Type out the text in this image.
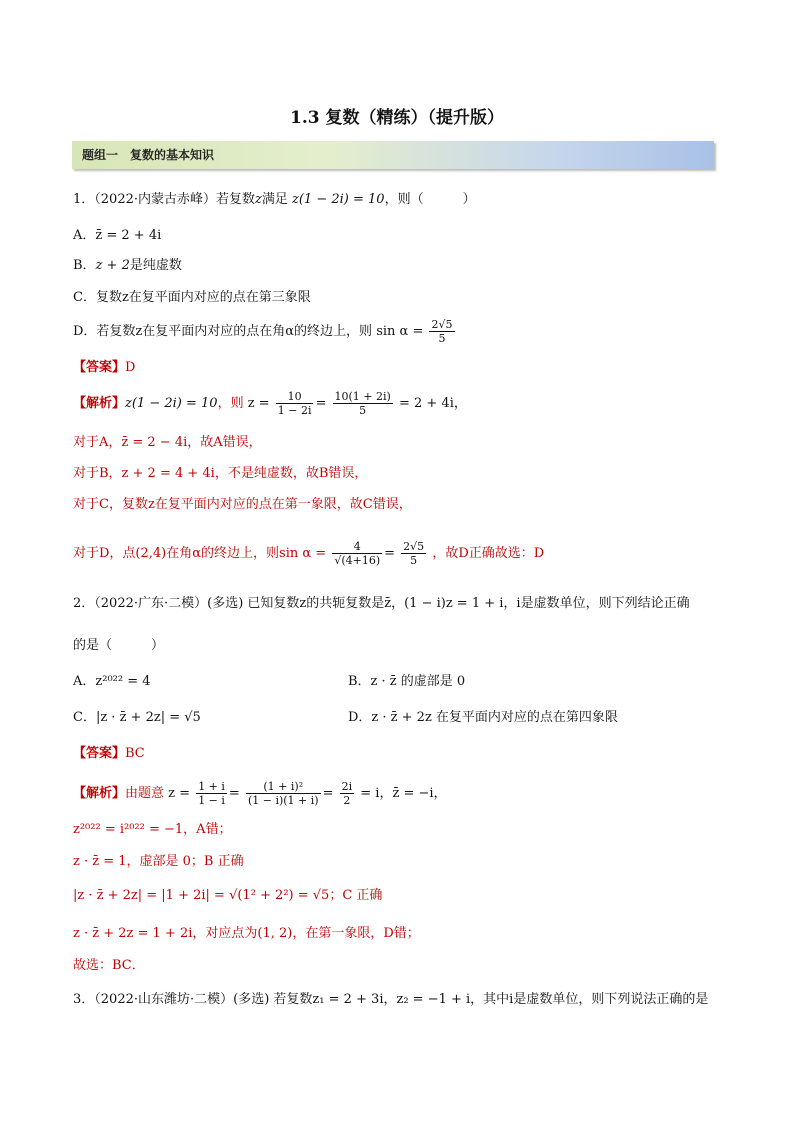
1.3 复数（精练）（提升版）
题组一　复数的基本知识
1．（2022·内蒙古赤峰）若复数z满足 z(1 − 2i) = 10，则（　　　）
A．z̄ = 2 + 4i
B．z + 2是纯虚数
C．复数z在复平面内对应的点在第三象限
D．若复数z在复平面内对应的点在角α的终边上，则 $\sin \alpha = \frac{2√5}{5}$
【答案】D
【解析】z(1 − 2i) = 10，则 $z = \frac{10}{1 - 2i} = \frac{10(1 + 2i)}{5} = 2 + 4i$，
对于A，z̄ = 2 − 4i，故A错误，
对于B，z + 2 = 4 + 4i，不是纯虚数，故B错误，
对于C，复数z在复平面内对应的点在第一象限，故C错误，
对于D，点(2,4)在角α的终边上，则$\sin \alpha = \frac{4}{√(4+16)} = \frac{2√5}{5}$ ，故D正确故选：D
2．（2022·广东·二模）(多选) 已知复数z的共轭复数是z̄，(1 − i)z = 1 + i，i是虚数单位，则下列结论正确
的是（　　　）
A．z²⁰²² = 4	B．z · z̄ 的虚部是 0
C．|z · z̄ + 2z| = √5	D．z · z̄ + 2z 在复平面内对应的点在第四象限
【答案】BC
【解析】由题意 $z = \frac{1 + i}{1 - i} = \frac{\text{(1 + i)²}}{(1 - i)(1 + i)} = \frac{2i}{2} = i$，z̄ = −i，
z²⁰²² = i²⁰²² = −1，A错；
z · z̄ = 1，虚部是 0；B 正确
|z · z̄ + 2z| = |1 + 2i| = √(1² + 2²) = √5；C 正确
z · z̄ + 2z = 1 + 2i，对应点为(1, 2)，在第一象限，D错；
故选：BC．
3．（2022·山东潍坊·二模）(多选) 若复数z₁ = 2 + 3i，z₂ = −1 + i，其中i是虚数单位，则下列说法正确的是
